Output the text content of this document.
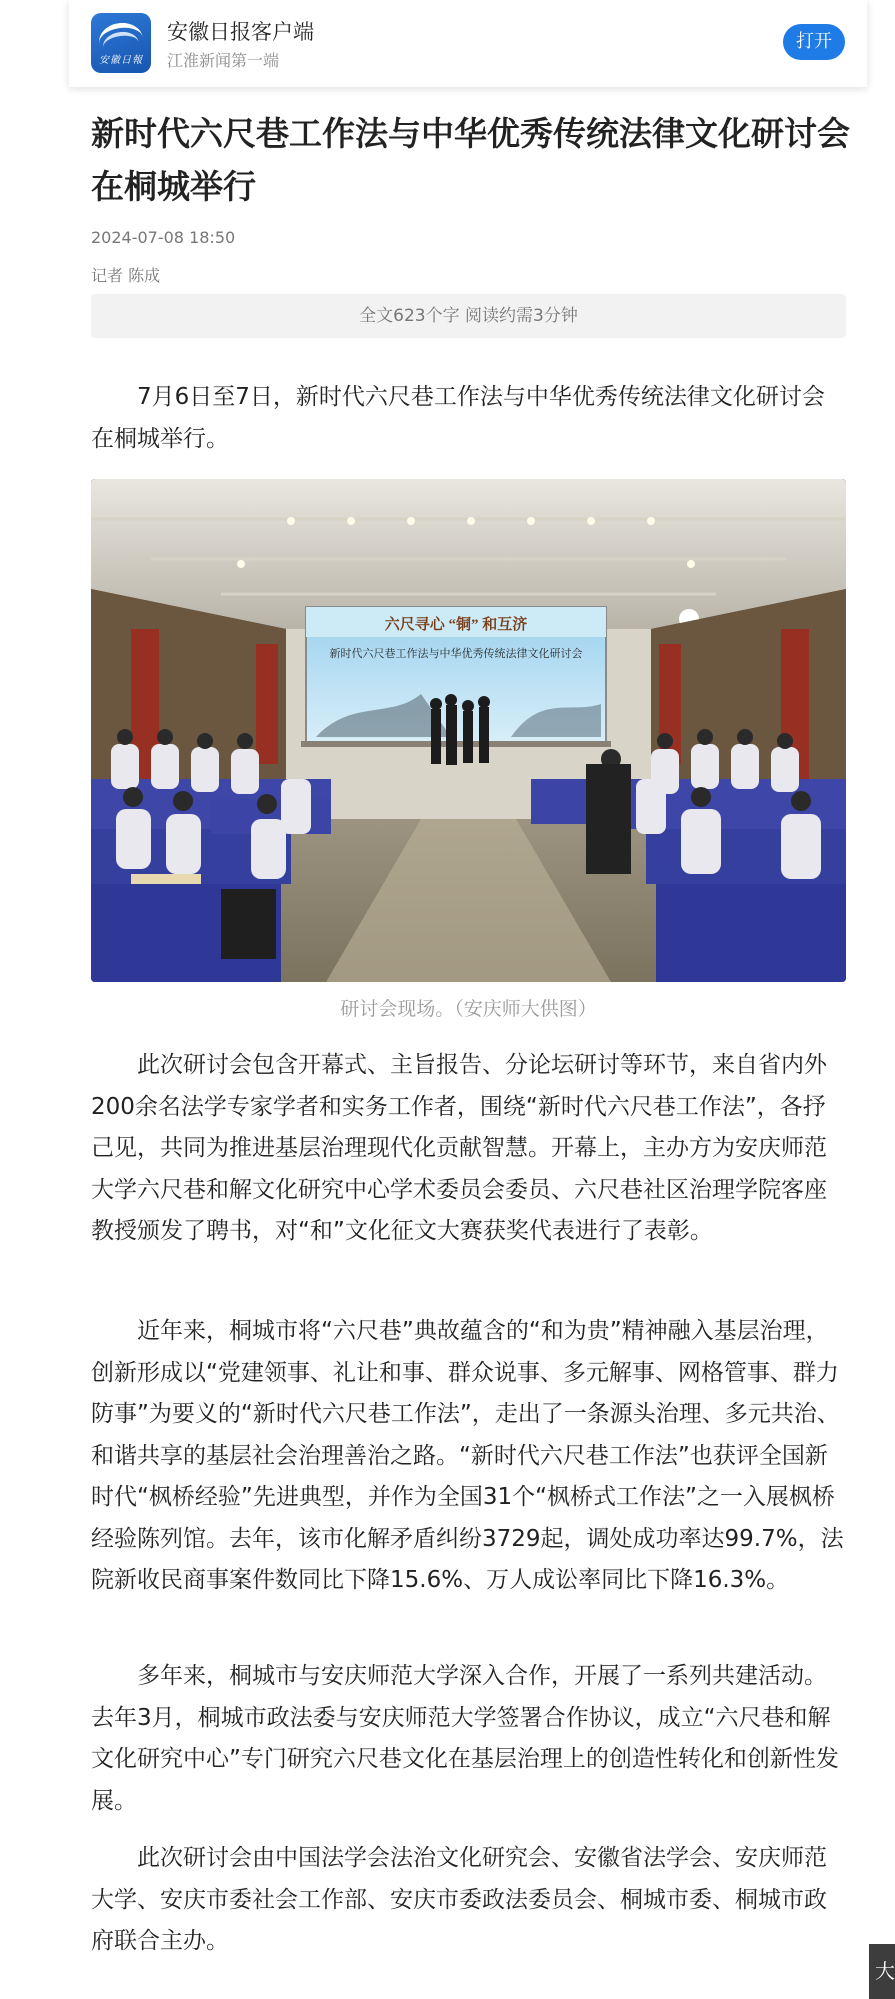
安徽日報
安徽日报客户端
江淮新闻第一端
打开
新时代六尺巷工作法与中华优秀传统法律文化研讨会在桐城举行
2024-07-08 18:50
记者 陈成
全文623个字 阅读约需3分钟

7月6日至7日，新时代六尺巷工作法与中华优秀传统法律文化研讨会在桐城举行。

六尺寻心 “铜” 和互济
新时代六尺巷工作法与中华优秀传统法律文化研讨会
研讨会现场。（安庆师大供图）

此次研讨会包含开幕式、主旨报告、分论坛研讨等环节，来自省内外200余名法学专家学者和实务工作者，围绕“新时代六尺巷工作法”，各抒己见，共同为推进基层治理现代化贡献智慧。开幕上，主办方为安庆师范大学六尺巷和解文化研究中心学术委员会委员、六尺巷社区治理学院客座教授颁发了聘书，对“和”文化征文大赛获奖代表进行了表彰。

近年来，桐城市将“六尺巷”典故蕴含的“和为贵”精神融入基层治理，创新形成以“党建领事、礼让和事、群众说事、多元解事、网格管事、群力防事”为要义的“新时代六尺巷工作法”，走出了一条源头治理、多元共治、和谐共享的基层社会治理善治之路。“新时代六尺巷工作法”也获评全国新时代“枫桥经验”先进典型，并作为全国31个“枫桥式工作法”之一入展枫桥经验陈列馆。去年，该市化解矛盾纠纷3729起，调处成功率达99.7%，法院新收民商事案件数同比下降15.6%、万人成讼率同比下降16.3%。

多年来，桐城市与安庆师范大学深入合作，开展了一系列共建活动。去年3月，桐城市政法委与安庆师范大学签署合作协议，成立“六尺巷和解文化研究中心”专门研究六尺巷文化在基层治理上的创造性转化和创新性发展。

此次研讨会由中国法学会法治文化研究会、安徽省法学会、安庆师范大学、安庆市委社会工作部、安庆市委政法委员会、桐城市委、桐城市政府联合主办。

大
